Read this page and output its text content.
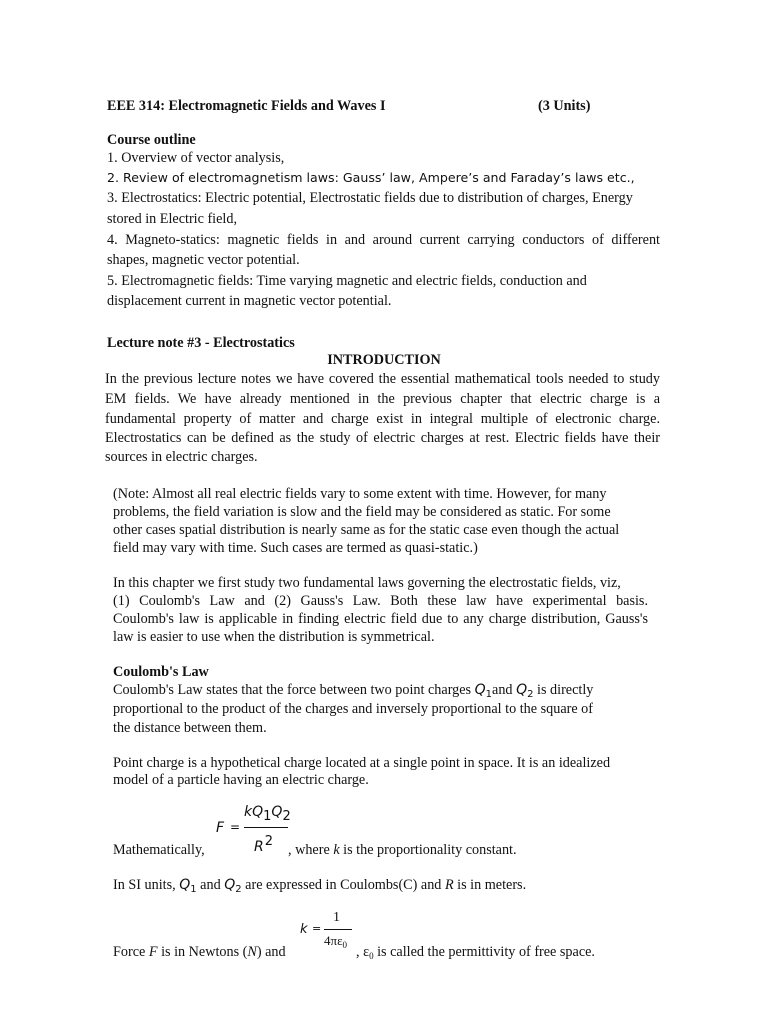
EEE 314: Electromagnetic Fields and Waves I	(3 Units)
Course outline
1. Overview of vector analysis,
2. Review of electromagnetism laws: Gauss’ law, Ampere’s and Faraday’s laws etc.,
3. Electrostatics: Electric potential, Electrostatic fields due to distribution of charges, Energy
stored in Electric field,
4. Magneto-statics: magnetic fields in and around current carrying conductors of different
shapes, magnetic vector potential.
5. Electromagnetic fields: Time varying magnetic and electric fields, conduction and
displacement current in magnetic vector potential.
Lecture note #3 - Electrostatics
INTRODUCTION
In the previous lecture notes we have covered the essential mathematical tools needed to study
EM fields. We have already mentioned in the previous chapter that electric charge is a
fundamental property of matter and charge exist in integral multiple of electronic charge.
Electrostatics can be defined as the study of electric charges at rest. Electric fields have their
sources in electric charges.
(Note: Almost all real electric fields vary to some extent with time. However, for many
problems, the field variation is slow and the field may be considered as static. For some
other cases spatial distribution is nearly same as for the static case even though the actual
field may vary with time. Such cases are termed as quasi-static.)
In this chapter we first study two fundamental laws governing the electrostatic fields, viz,
(1) Coulomb's Law and (2) Gauss's Law. Both these law have experimental basis.
Coulomb's law is applicable in finding electric field due to any charge distribution, Gauss's
law is easier to use when the distribution is symmetrical.
Coulomb's Law
Coulomb's Law states that the force between two point charges $Q_1and$ $Q_2$ is directly
proportional to the product of the charges and inversely proportional to the square of
the distance between them.
Point charge is a hypothetical charge located at a single point in space. It is an idealized
model of a particle having an electric charge.
F =
kQ1Q2
R2
Mathematically,	, where k is the proportionality constant.
In SI units, $Q_1$ and $Q_2$ are expressed in Coulombs(C) and R is in meters.
k =
1
$4\pi\varepsilon_0$
Force F is in Newtons (N) and	, $\varepsilon_0$ is called the permittivity of free space.
